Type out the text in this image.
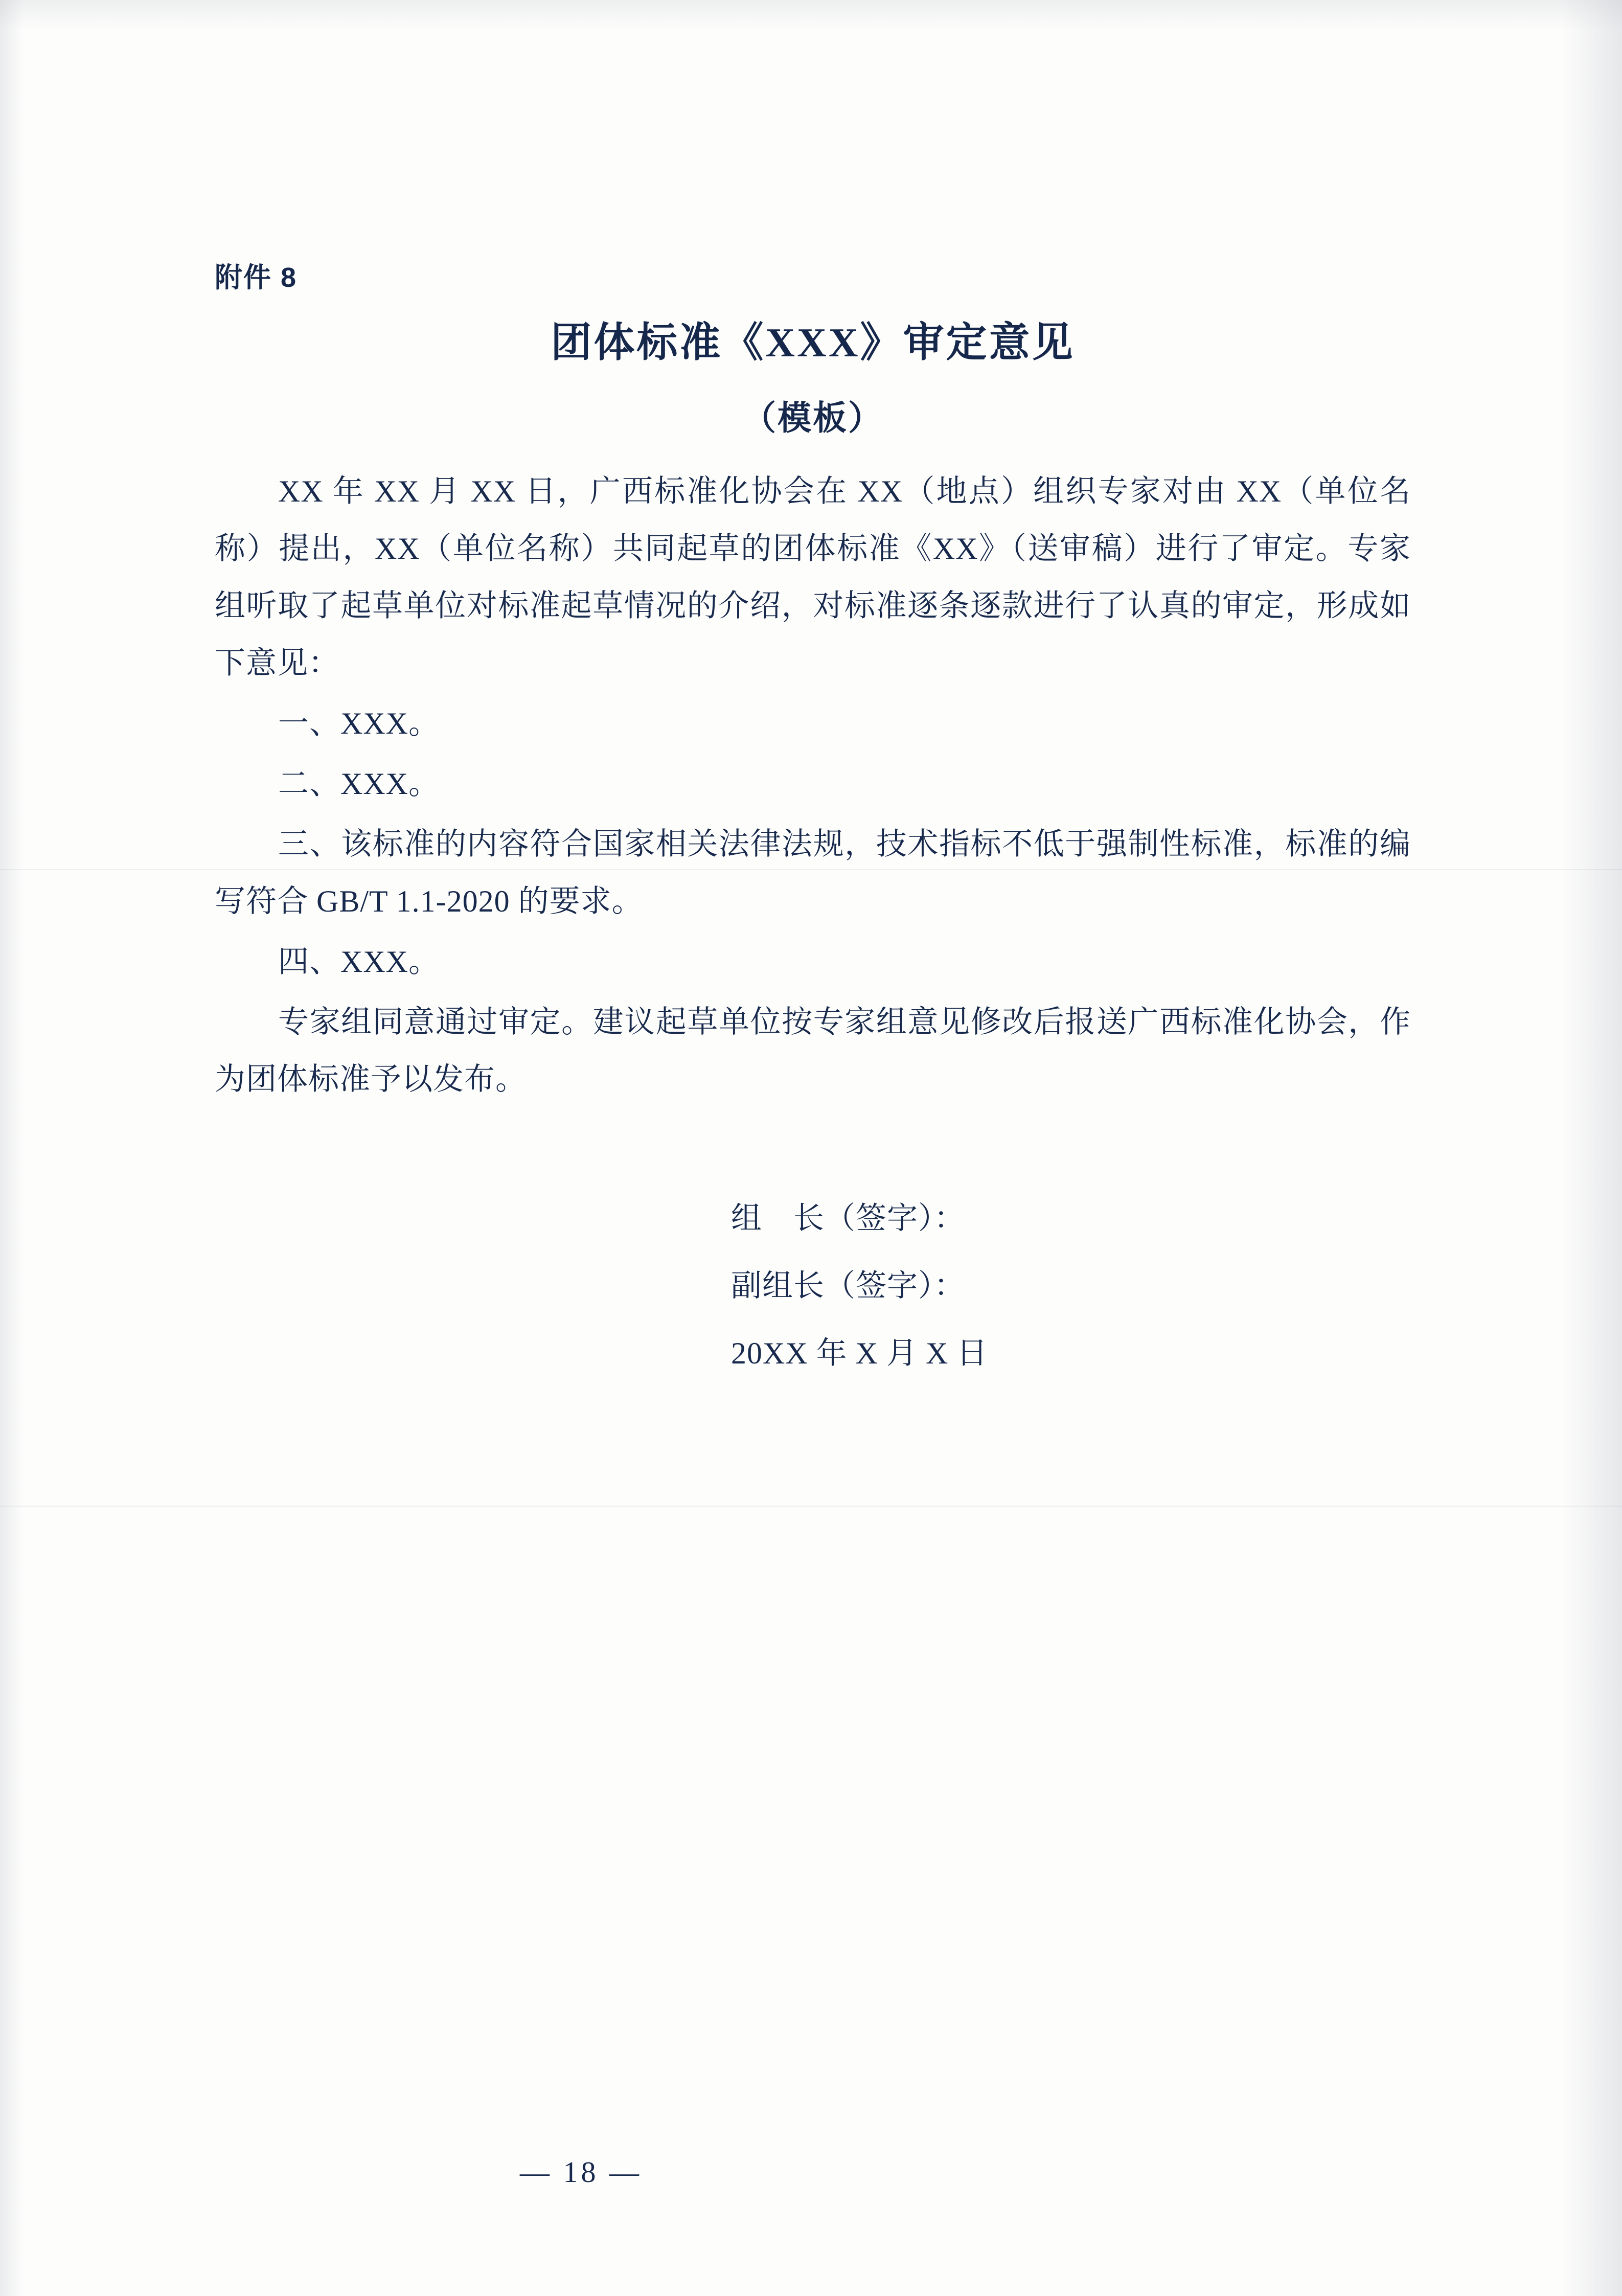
附件 8
团体标准《XXX》审定意见
（模板）

XX 年 XX 月 XX 日，广西标准化协会在 XX（地点）组织专家对由 XX（单位名称）提出，XX（单位名称）共同起草的团体标准《XX》（送审稿）进行了审定。专家组听取了起草单位对标准起草情况的介绍，对标准逐条逐款进行了认真的审定，形成如下意见：

一、XXX。

二、XXX。

三、该标准的内容符合国家相关法律法规，技术指标不低于强制性标准，标准的编写符合 GB/T 1.1-2020 的要求。

四、XXX。

专家组同意通过审定。建议起草单位按专家组意见修改后报送广西标准化协会，作为团体标准予以发布。

组　长（签字）：
副组长（签字）：
20XX 年 X 月 X 日
— 18 —
